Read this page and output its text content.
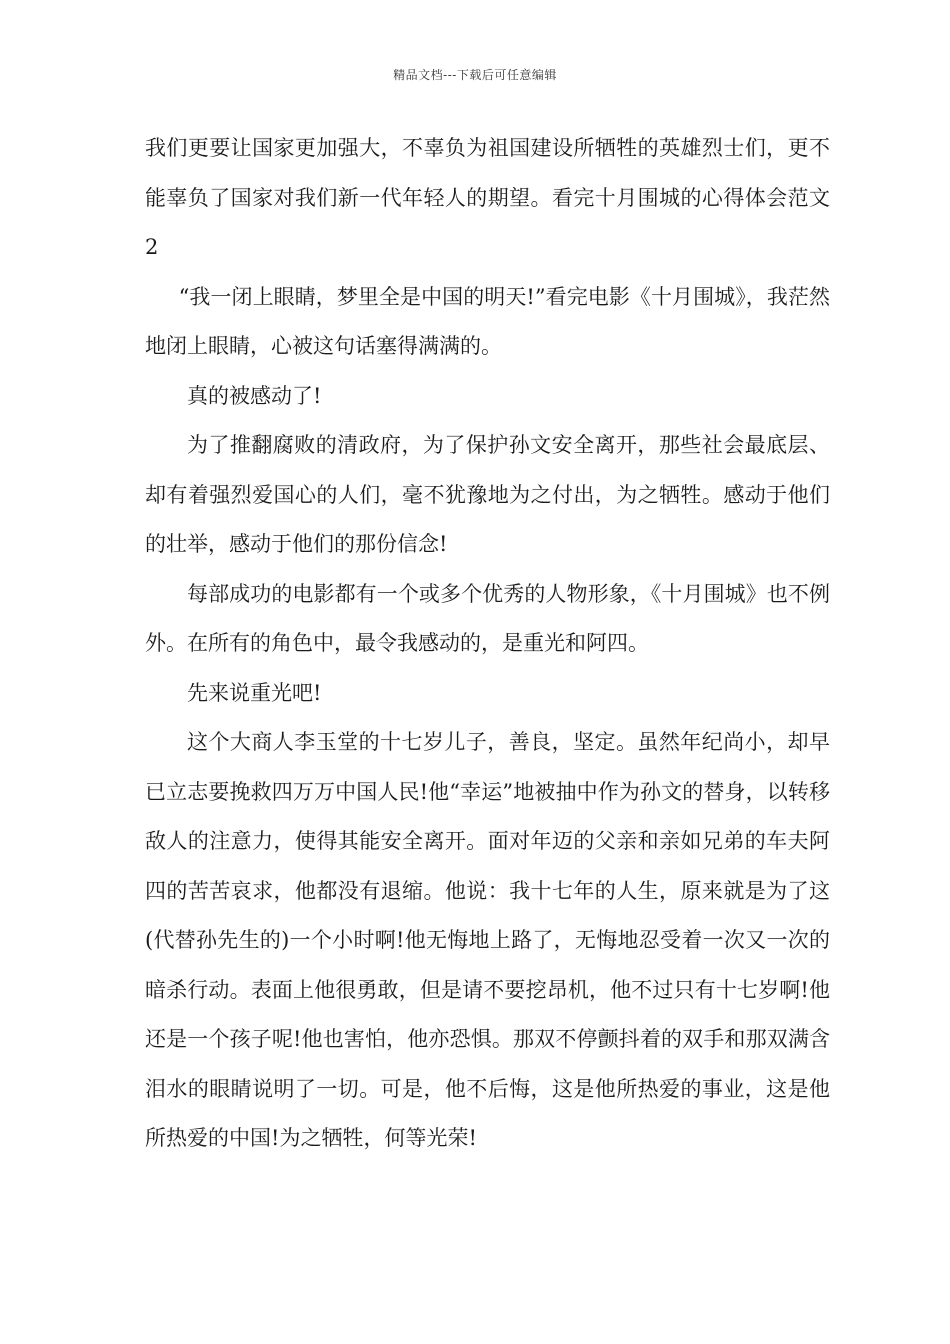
精品文档---下载后可任意编辑

我们更要让国家更加强大，不辜负为祖国建设所牺牲的英雄烈士们，更不能辜负了国家对我们新一代年轻人的期望。看完十月围城的心得体会范文2

“我一闭上眼睛，梦里全是中国的明天!”看完电影《十月围城》，我茫然地闭上眼睛，心被这句话塞得满满的。

真的被感动了!

为了推翻腐败的清政府，为了保护孙文安全离开，那些社会最底层、却有着强烈爱国心的人们，毫不犹豫地为之付出，为之牺牲。感动于他们的壮举，感动于他们的那份信念!

每部成功的电影都有一个或多个优秀的人物形象，《十月围城》也不例外。在所有的角色中，最令我感动的，是重光和阿四。

先来说重光吧!

这个大商人李玉堂的十七岁儿子，善良，坚定。虽然年纪尚小，却早已立志要挽救四万万中国人民!他“幸运”地被抽中作为孙文的替身，以转移敌人的注意力，使得其能安全离开。面对年迈的父亲和亲如兄弟的车夫阿四的苦苦哀求，他都没有退缩。他说：我十七年的人生，原来就是为了这(代替孙先生的)一个小时啊!他无悔地上路了，无悔地忍受着一次又一次的暗杀行动。表面上他很勇敢，但是请不要挖昂机，他不过只有十七岁啊!他还是一个孩子呢!他也害怕，他亦恐惧。那双不停颤抖着的双手和那双满含泪水的眼睛说明了一切。可是，他不后悔，这是他所热爱的事业，这是他所热爱的中国!为之牺牲，何等光荣!
